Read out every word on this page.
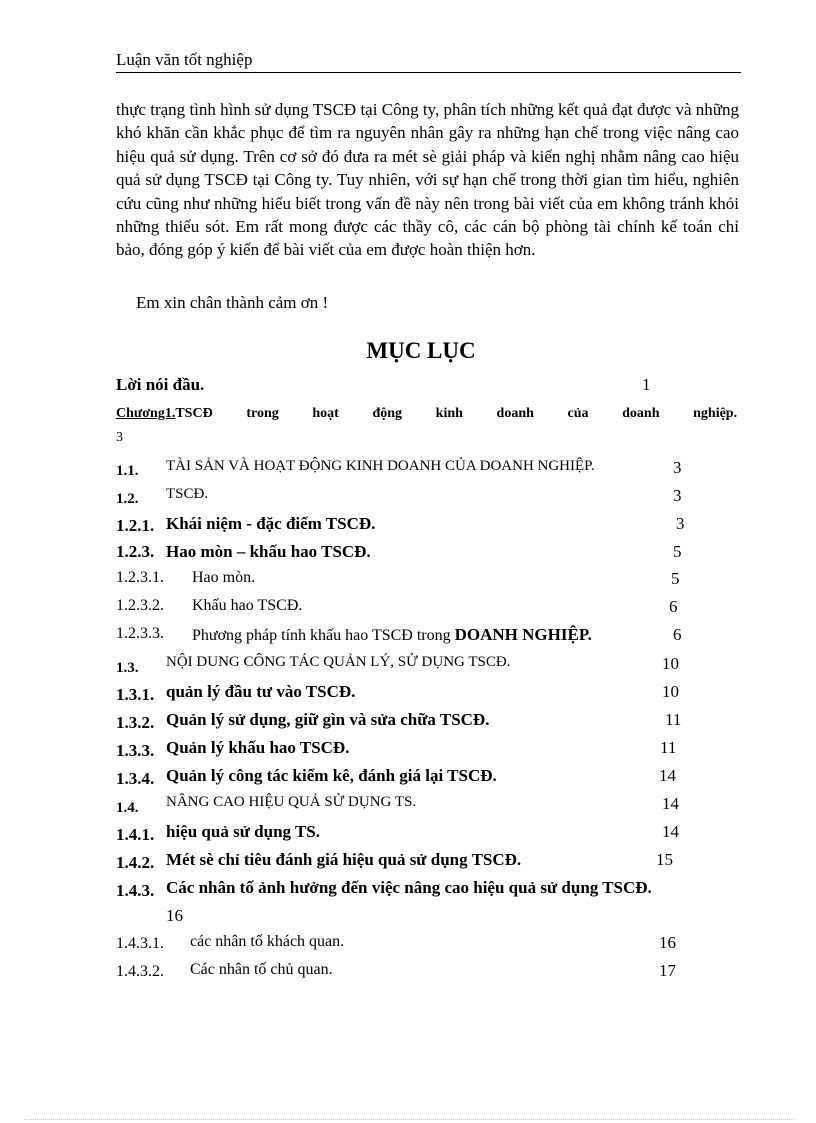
Luận văn tốt nghiệp
thực trạng tình hình sử dụng TSCĐ tại Công ty, phân tích những kết quả đạt được và những khó khăn cần khắc phục để tìm ra nguyên nhân gây ra những hạn chế trong việc nâng cao hiệu quả sử dụng. Trên cơ sở đó đưa ra mét sè giải pháp và kiến nghị nhằm nâng cao hiệu quả sử dụng TSCĐ tại Công ty. Tuy nhiên, với sự hạn chế trong thời gian tìm hiểu, nghiên cứu cũng như những hiểu biết trong vấn đề này nên trong bài viết của em không tránh khỏi những thiếu sót. Em rất mong được các thầy cô, các cán bộ phòng tài chính kế toán chỉ bảo, đóng góp ý kiến để bài viết của em được hoàn thiện hơn.
Em xin chân thành cảm ơn !
MỤC LỤC
Lời nói đầu.	1
Chương1.TSCĐ trong hoạt động kinh doanh của doanh nghiệp.
3
1.1. TÀI SẢN VÀ HOẠT ĐỘNG KINH DOANH CỦA DOANH NGHIỆP.	3
1.2. TSCĐ.	3
1.2.1. Khái niệm - đặc điểm TSCĐ.	3
1.2.3. Hao mòn – khấu hao TSCĐ.	5
1.2.3.1. Hao mòn.	5
1.2.3.2. Khấu hao TSCĐ.	6
1.2.3.3. Phương pháp tính khấu hao TSCĐ trong DOANH NGHIỆP.	6
1.3. NỘI DUNG CÔNG TÁC QUẢN LÝ, SỬ DỤNG TSCĐ.	10
1.3.1. quản lý đầu tư vào TSCĐ.	10
1.3.2. Quản lý sử dụng, giữ gìn và sửa chữa TSCĐ.	11
1.3.3. Quản lý khấu hao TSCĐ.	11
1.3.4. Quản lý công tác kiểm kê, đánh giá lại TSCĐ.	14
1.4. NÂNG CAO HIỆU QUẢ SỬ DỤNG TS.	14
1.4.1. hiệu quả sử dụng TS.	14
1.4.2. Mét sè chỉ tiêu đánh giá hiệu quả sử dụng TSCĐ.	15
1.4.3. Các nhân tố ảnh hưởng đến việc nâng cao hiệu quả sử dụng TSCĐ.
16
1.4.3.1. các nhân tố khách quan.	16
1.4.3.2. Các nhân tố chủ quan.	17
